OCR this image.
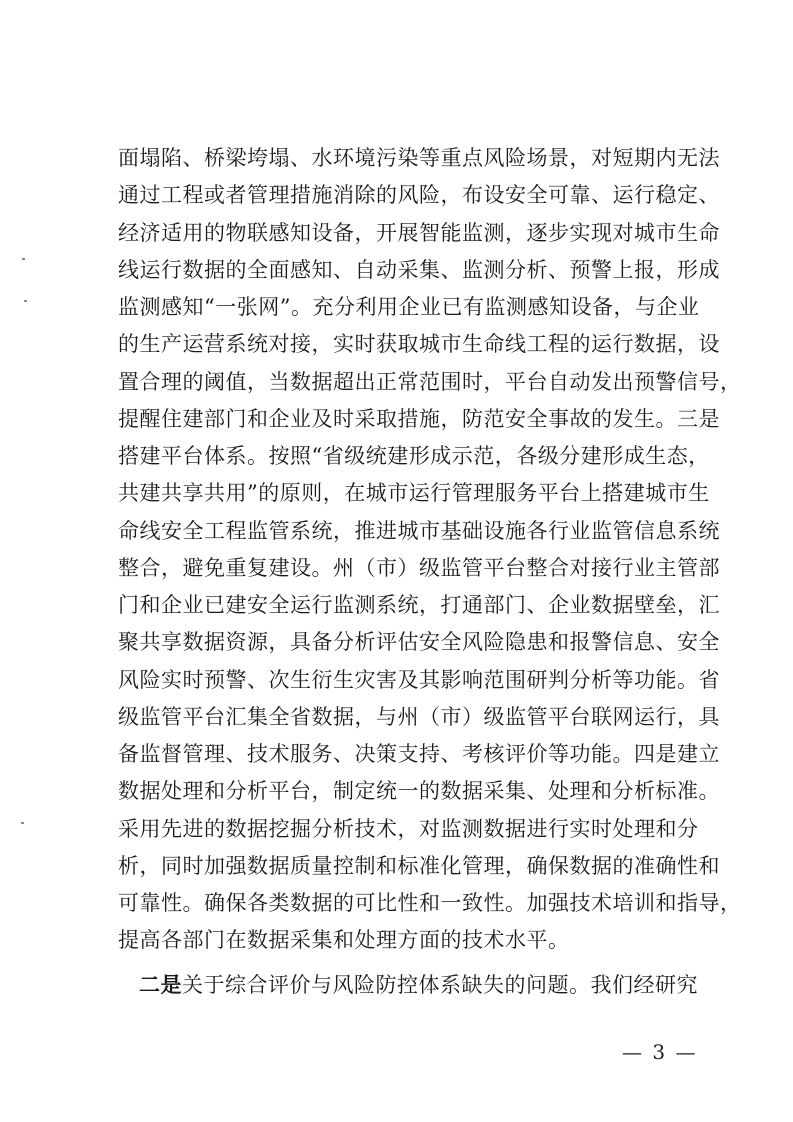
面塌陷、桥梁垮塌、水环境污染等重点风险场景，对短期内无法
通过工程或者管理措施消除的风险，布设安全可靠、运行稳定、
经济适用的物联感知设备，开展智能监测，逐步实现对城市生命
线运行数据的全面感知、自动采集、监测分析、预警上报，形成
监测感知“一张网”。充分利用企业已有监测感知设备，与企业
的生产运营系统对接，实时获取城市生命线工程的运行数据，设
置合理的阈值，当数据超出正常范围时，平台自动发出预警信号，
提醒住建部门和企业及时采取措施，防范安全事故的发生。三是
搭建平台体系。按照“省级统建形成示范，各级分建形成生态，
共建共享共用”的原则，在城市运行管理服务平台上搭建城市生
命线安全工程监管系统，推进城市基础设施各行业监管信息系统
整合，避免重复建设。州（市）级监管平台整合对接行业主管部
门和企业已建安全运行监测系统，打通部门、企业数据壁垒，汇
聚共享数据资源，具备分析评估安全风险隐患和报警信息、安全
风险实时预警、次生衍生灾害及其影响范围研判分析等功能。省
级监管平台汇集全省数据，与州（市）级监管平台联网运行，具
备监督管理、技术服务、决策支持、考核评价等功能。四是建立
数据处理和分析平台，制定统一的数据采集、处理和分析标准。
采用先进的数据挖掘分析技术，对监测数据进行实时处理和分
析，同时加强数据质量控制和标准化管理，确保数据的准确性和
可靠性。确保各类数据的可比性和一致性。加强技术培训和指导，
提高各部门在数据采集和处理方面的技术水平。
二是关于综合评价与风险防控体系缺失的问题。我们经研究
— 3 —
